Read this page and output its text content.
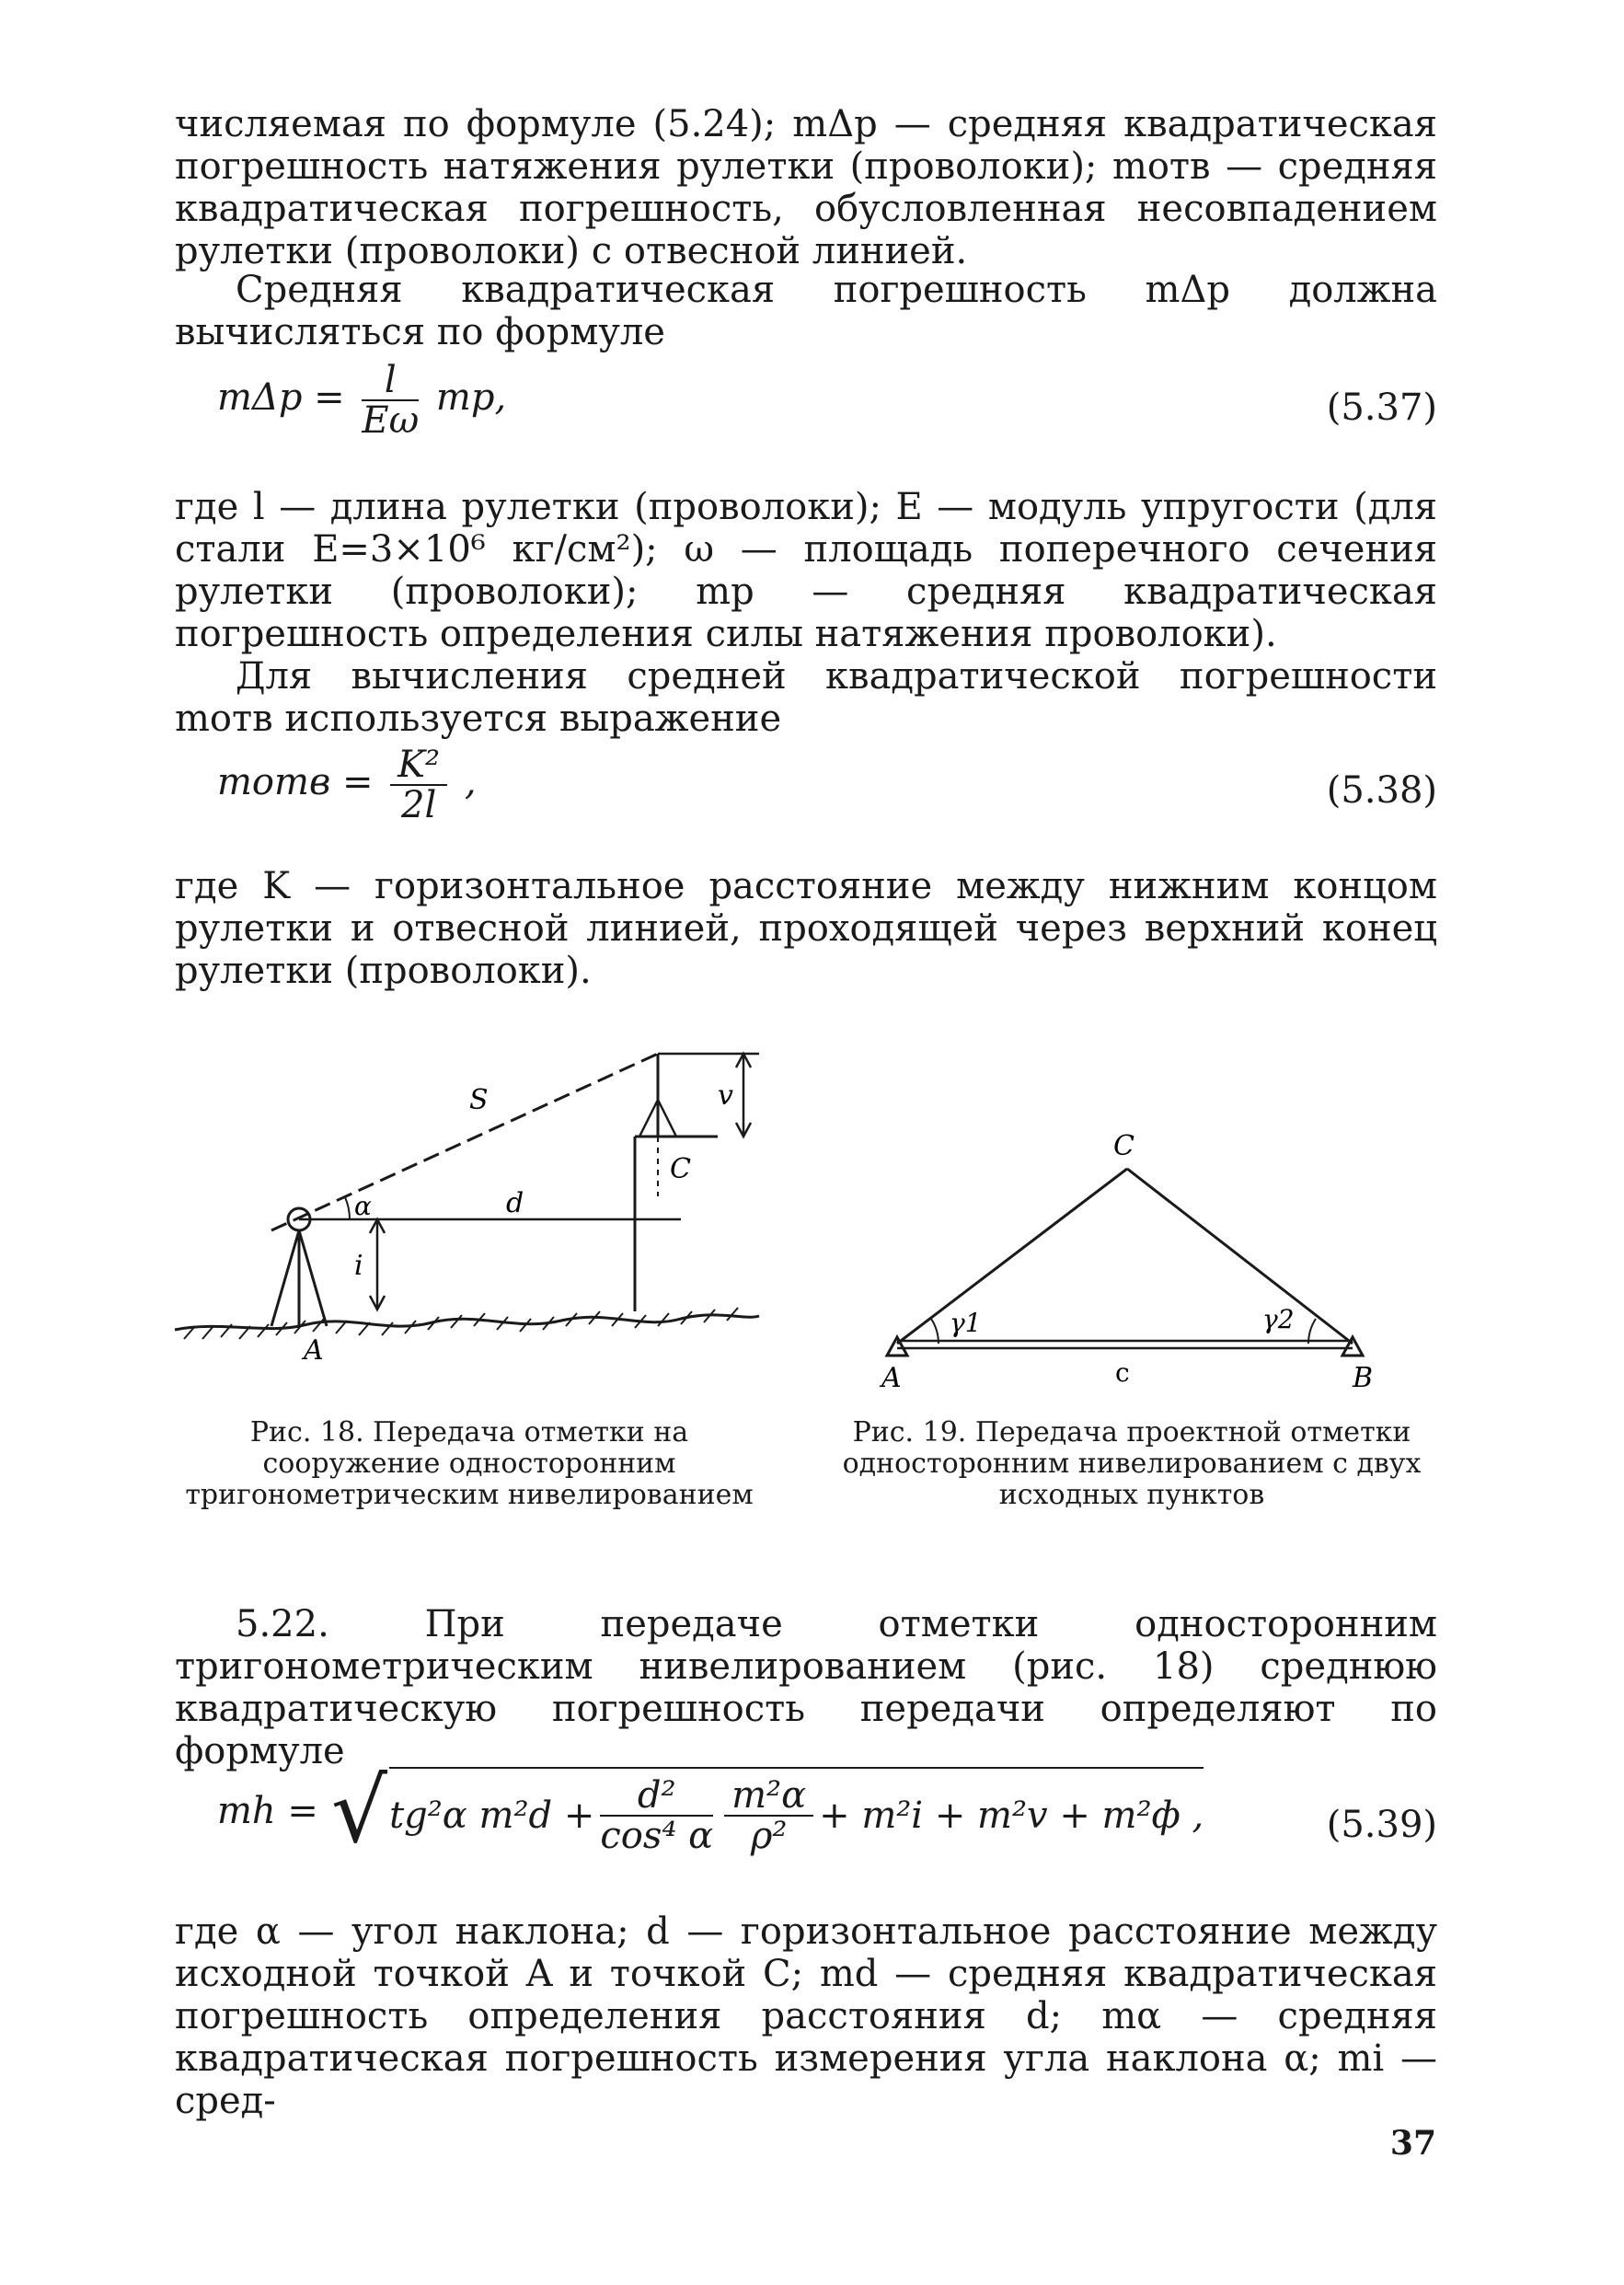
числяемая по формуле (5.24); mΔp — средняя квадратическая погрешность натяжения рулетки (проволоки); mотв — средняя квадратическая погрешность, обусловленная несовпадением рулетки (проволоки) с отвесной линией.
Средняя квадратическая погрешность mΔp должна вычисляться по формуле
$m\Delta p = \frac{l}{E\omega}$ mp,	(5.37)
где l — длина рулетки (проволоки); E — модуль упругости (для стали E=3×10⁶ кг/см²); ω — площадь поперечного сечения рулетки (проволоки); mp — средняя квадратическая погрешность определения силы натяжения проволоки).
Для вычисления средней квадратической погрешности mотв используется выражение
mотв = $\frac{\text{K²}}{2l}$ ,	(5.38)
где K — горизонтальное расстояние между нижним концом рулетки и отвесной линией, проходящей через верхний конец рулетки (проволоки).
S	v
C
α	d
i
A
C
γ1	γ2
A	c	B
Рис. 18. Передача отметки на сооружение односторонним тригонометрическим нивелированием
Рис. 19. Передача проектной отметки односторонним нивелированием с двух исходных пунктов
5.22. При передаче отметки односторонним тригонометрическим нивелированием (рис. 18) среднюю квадратическую погрешность передачи определяют по формуле
mh = √ tg²α $m^2d + \frac{\text{d²}}{\text{cos⁴ α}} \frac{\text{m²α}}{\text{ρ²}} + m^2i + m^2v + m^2ф$ ,	(5.39)
где α — угол наклона; d — горизонтальное расстояние между исходной точкой A и точкой C; md — средняя квадратическая погрешность определения расстояния d; mα — средняя квадратическая погрешность измерения угла наклона α; mi — сред-
37
